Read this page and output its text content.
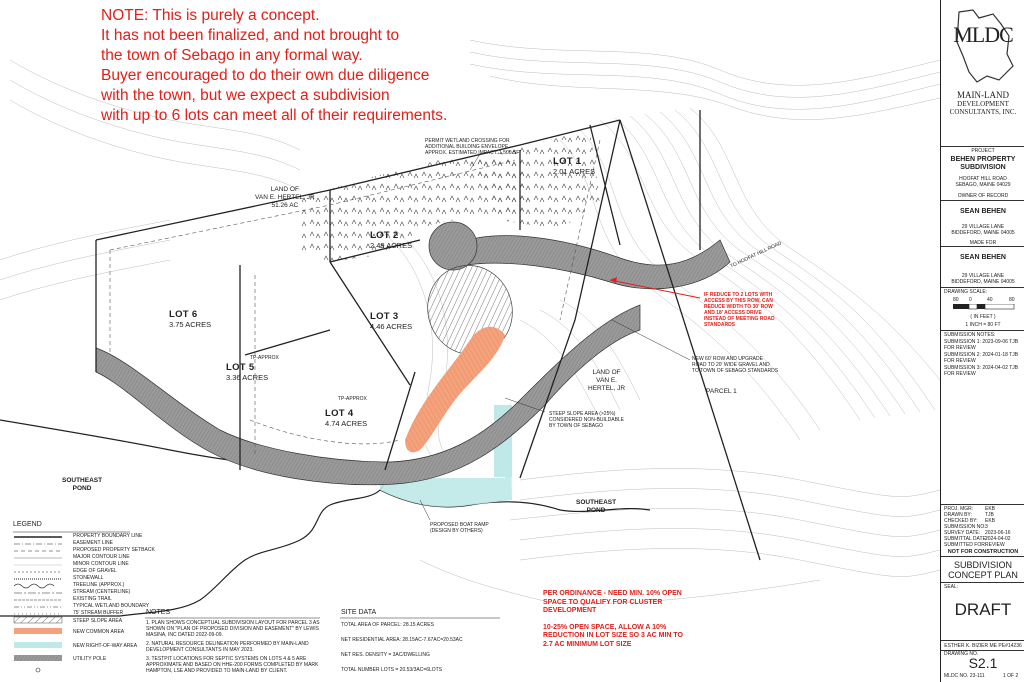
NOTE: This is purely a concept.
It has not been finalized, and not brought to
the town of Sebago in any formal way.
Buyer encouraged to do their own due diligence
with the town, but we expect a subdivision
with up to 6 lots can meet all of their requirements.
LOT 1
2.01 ACRES
LOT 2
2.49 ACRES
LOT 3
4.46 ACRES
LOT 4
4.74 ACRES
LOT 5
3.36 ACRES
LOT 6
3.75 ACRES
LAND OF
VAN E. HERTEL, JR
51.26 AC
LAND OF
VAN E.
HERTEL, JR	PARCEL 1
SOUTHEAST
POND
SOUTHEAST
POND
TP-APPROX
TP-APPROX
PERMIT WETLAND CROSSING FOR
ADDITIONAL BUILDING ENVELOPE
APPROX. ESTIMATED IMPACT: 1,500 SF
STEEP SLOPE AREA (>25%)
CONSIDERED NON-BUILDABLE
BY TOWN OF SEBAGO
NEW 60' ROW AND UPGRADE
ROAD TO 20' WIDE GRAVEL AND
TO TOWN OF SEBAGO STANDARDS
PROPOSED BOAT RAMP
(DESIGN BY OTHERS)
IF REDUCE TO 2 LOTS WITH
ACCESS BY THIS ROW, CAN
REDUCE WIDTH TO 30' ROW
AND 18' ACCESS DRIVE
INSTEAD OF MEETING ROAD
STANDARDS
TO HOOFAT HILL ROAD
LEGEND
PROPERTY BOUNDARY LINE
EASEMENT LINE
PROPOSED PROPERTY SETBACK
MAJOR CONTOUR LINE
MINOR CONTOUR LINE
EDGE OF GRAVEL
STONEWALL
TREELINE (APPROX.)
STREAM (CENTERLINE)
EXISTING TRAIL
TYPICAL WETLAND BOUNDARY
75' STREAM BUFFER
STEEP SLOPE AREA
NEW COMMON AREA
NEW RIGHT-OF-WAY AREA
UTILITY POLE
NOTES
1. PLAN SHOWS CONCEPTUAL SUBDIVISION LAYOUT FOR PARCEL 3 AS SHOWN ON "PLAN OF PROPOSED DIVISION AND EASEMENT" BY LEWIS MASINA, INC DATED 2022-09-09.
2. NATURAL RESOURCE DELINEATION PERFORMED BY MAIN-LAND DEVELOPMENT CONSULTANTS IN MAY 2023.
3. TESTPIT LOCATIONS FOR SEPTIC SYSTEMS ON LOTS 4 & 5 ARE APPROXIMATE AND BASED ON HHE-200 FORMS COMPLETED BY MARK HAMPTON, LSE AND PROVIDED TO MAIN-LAND BY CLIENT.
SITE DATA
TOTAL AREA OF PARCEL: 28.15 ACRES
NET RESIDENTIAL AREA: 28.15AC-7.67AC=20.53AC
NET RES. DENSITY = 3AC/DWELLING
TOTAL NUMBER LOTS = 20.53/3AC=6LOTS
PER ORDINANCE - NEED MIN. 10% OPEN
SPACE TO QUALIFY FOR CLUSTER
DEVELOPMENT
10-25% OPEN SPACE, ALLOW A 10%
REDUCTION IN LOT SIZE SO 3 AC MIN TO
2.7 AC MINIMUM LOT SIZE
MLDC
MAIN-LAND
DEVELOPMENT
CONSULTANTS, INC.
PROJECT
BEHEN PROPERTY
SUBDIVISION
HOOFAT HILL ROAD
SEBAGO, MAINE 04029
OWNER OF RECORD
SEAN BEHEN
29 VILLAGE LANE
BIDDEFORD, MAINE 04005
MADE FOR
SEAN BEHEN
29 VILLAGE LANE
BIDDEFORD, MAINE 04005
DRAWING SCALE:
80 0	40	80
( IN FEET )
1 INCH = 80 FT
SUBMISSION NOTES:
SUBMISSION 1: 2023-09-06 TJB
FOR REVIEW
SUBMISSION 2: 2024-01-18 TJB
FOR REVIEW
SUBMISSION 3: 2024-04-02 TJB
FOR REVIEW
PROJ. MGR: EKB
DRAWN BY:	TJB
CHECKED BY: EKB
SUBMISSION NO: 3
SURVEY DATE: 2023-06-16
SUBMITTAL DATE:
2024-04-02
SUBMITTED FOR:
REVIEW
NOT FOR CONSTRUCTION
SUBDIVISION
CONCEPT PLAN
SEAL:
DRAFT
ESTHER K. BIZIER ME PE#14236
DRAWING NO.
S2.1
MLDC NO. 23-111	1 OF 2
